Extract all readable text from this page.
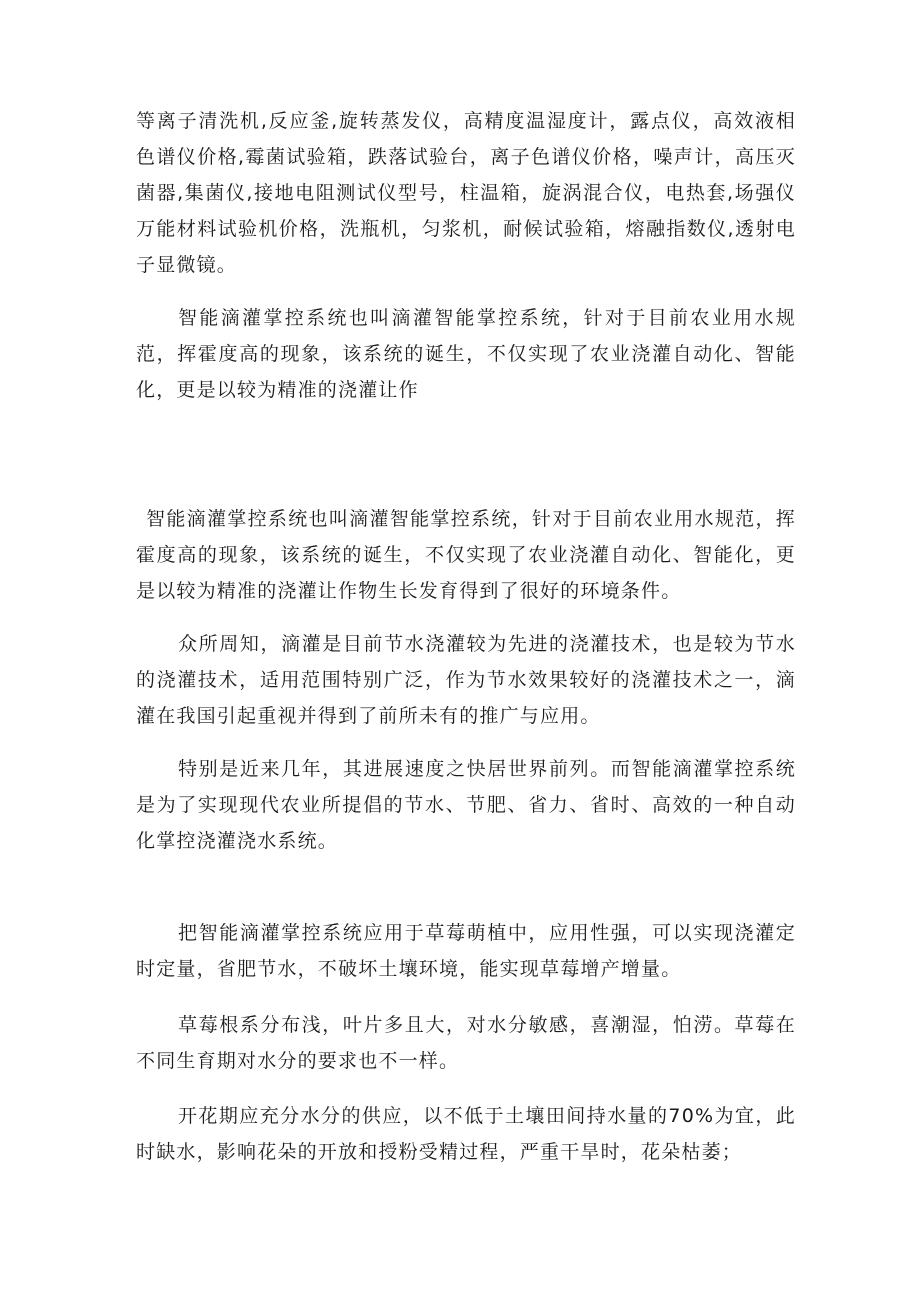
等离子清洗机,反应釜,旋转蒸发仪，高精度温湿度计，露点仪，高效液相色谱仪价格,霉菌试验箱，跌落试验台，离子色谱仪价格，噪声计，高压灭菌器,集菌仪,接地电阻测试仪型号，柱温箱，旋涡混合仪，电热套,场强仪万能材料试验机价格，洗瓶机，匀浆机，耐候试验箱，熔融指数仪,透射电子显微镜。

智能滴灌掌控系统也叫滴灌智能掌控系统，针对于目前农业用水规范，挥霍度高的现象，该系统的诞生，不仅实现了农业浇灌自动化、智能化，更是以较为精准的浇灌让作

智能滴灌掌控系统也叫滴灌智能掌控系统，针对于目前农业用水规范，挥霍度高的现象，该系统的诞生，不仅实现了农业浇灌自动化、智能化，更是以较为精准的浇灌让作物生长发育得到了很好的环境条件。

众所周知，滴灌是目前节水浇灌较为先进的浇灌技术，也是较为节水的浇灌技术，适用范围特别广泛，作为节水效果较好的浇灌技术之一，滴灌在我国引起重视并得到了前所未有的推广与应用。

特别是近来几年，其进展速度之快居世界前列。而智能滴灌掌控系统是为了实现现代农业所提倡的节水、节肥、省力、省时、高效的一种自动化掌控浇灌浇水系统。

把智能滴灌掌控系统应用于草莓萌植中，应用性强，可以实现浇灌定时定量，省肥节水，不破坏土壤环境，能实现草莓增产增量。

草莓根系分布浅，叶片多且大，对水分敏感，喜潮湿，怕涝。草莓在不同生育期对水分的要求也不一样。

开花期应充分水分的供应，以不低于土壤田间持水量的70%为宜，此时缺水，影响花朵的开放和授粉受精过程，严重干旱时，花朵枯萎；
